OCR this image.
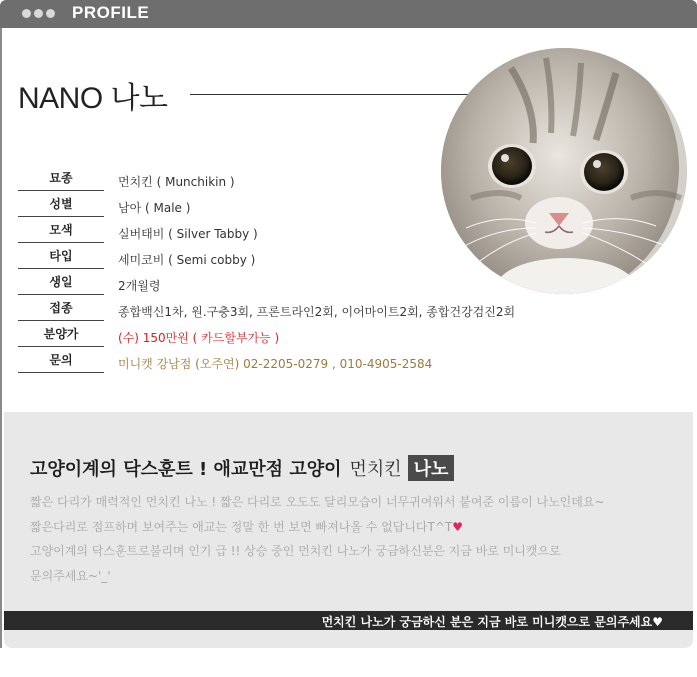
PROFILE
NANO 나노
묘종	먼치킨 ( Munchikin )
성별	남아 ( Male )
모색	실버태비 ( Silver Tabby )
타입	세미코비 ( Semi cobby )
생일	2개월령
접종	종합백신1차, 원.구충3회, 프론트라인2회, 이어마이트2회, 종합건강검진2회
분양가	(수) 150만원 ( 카드할부가능 )
문의	미니캣 강남점 (오주연) 02-2205-0279 , 010-4905-2584
고양이계의 닥스훈트 ! 애교만점 고양이 먼치킨 나노

짧은 다리가 매력적인 먼치킨 나노 ! 짧은 다리로 오도도 달리모습이 너무귀여워서 붙여준 이름이 나노인데요~

짧은다리로 점프하며 보여주는 애교는 정말 한 번 보면 빠져나올 수 없답니다T^T♥

고양이계의 닥스훈트로불리며 인기 급 !! 상승 중인 먼치킨 나노가 궁금하신분은 지금 바로 미니캣으로

문의주세요~'_'

먼치킨 나노가 궁금하신 분은 지금 바로 미니캣으로 문의주세요♥
